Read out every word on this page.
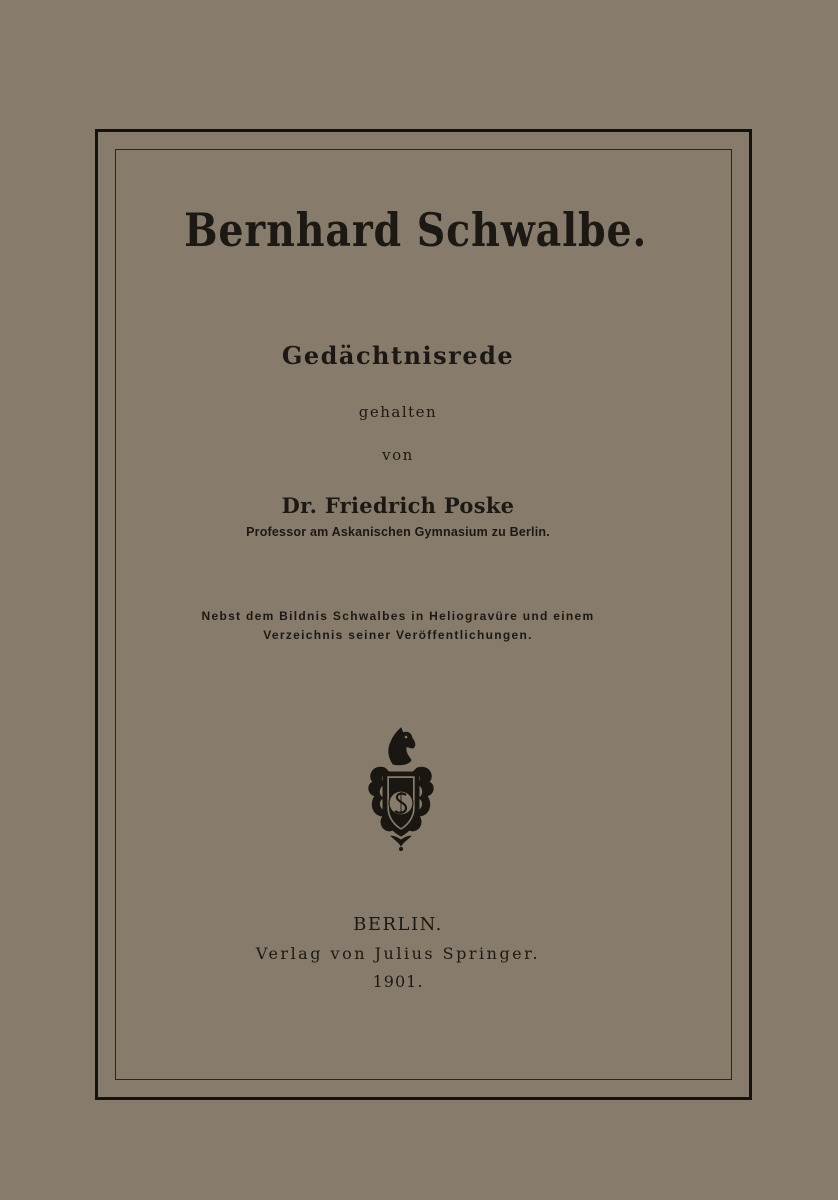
Bernhard Schwalbe.
Gedächtnisrede
gehalten
von
Dr. Friedrich Poske
Professor am Askanischen Gymnasium zu Berlin.
Nebst dem Bildnis Schwalbes in Heliogravüre und einem
Verzeichnis seiner Veröffentlichungen.
BERLIN.
Verlag von Julius Springer.
1901.
